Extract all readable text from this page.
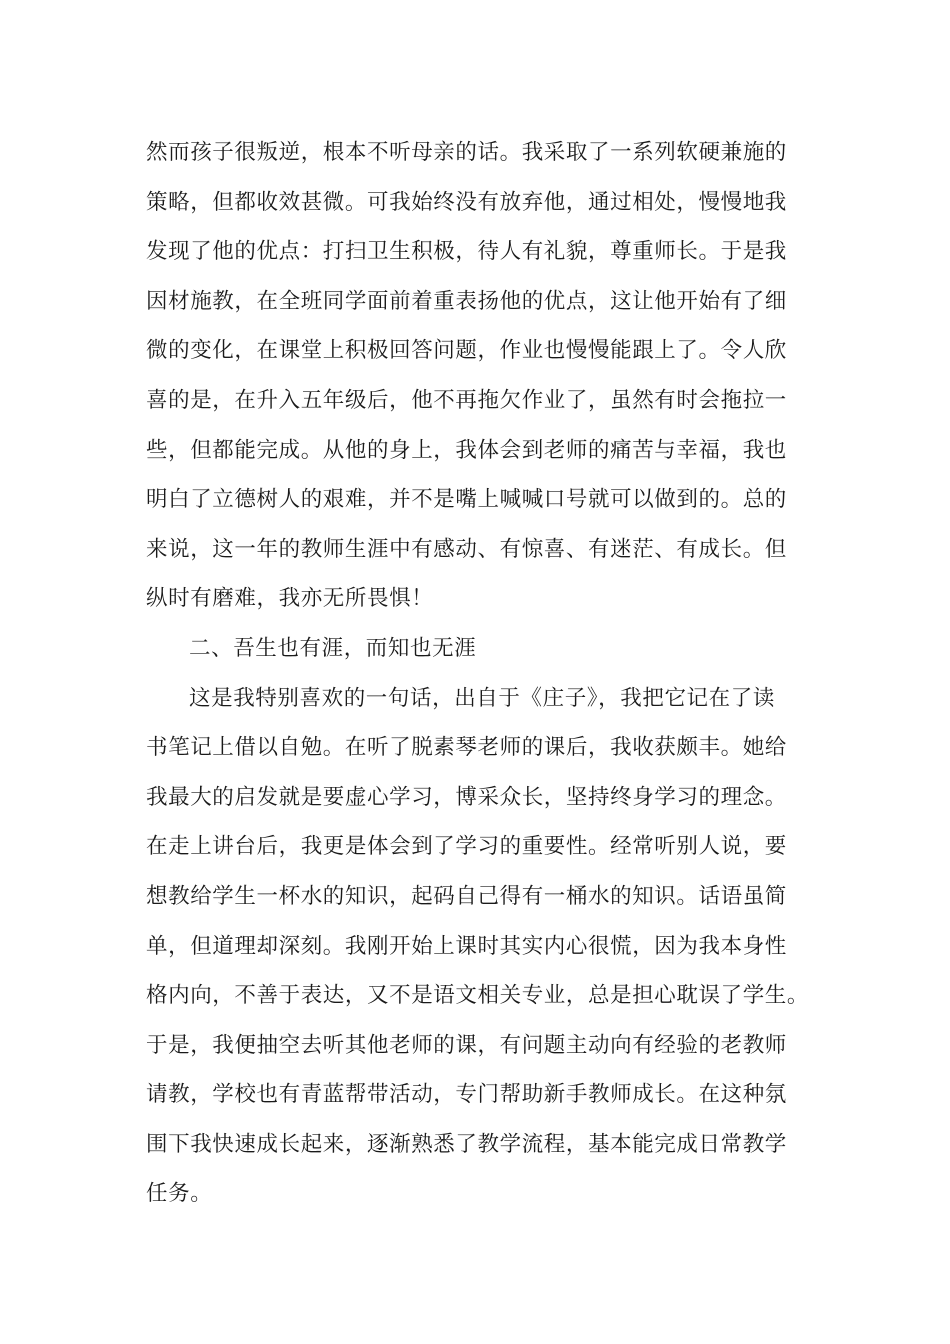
然而孩子很叛逆，根本不听母亲的话。我采取了一系列软硬兼施的
策略，但都收效甚微。可我始终没有放弃他，通过相处，慢慢地我
发现了他的优点：打扫卫生积极，待人有礼貌，尊重师长。于是我
因材施教，在全班同学面前着重表扬他的优点，这让他开始有了细
微的变化，在课堂上积极回答问题，作业也慢慢能跟上了。令人欣
喜的是，在升入五年级后，他不再拖欠作业了，虽然有时会拖拉一
些，但都能完成。从他的身上，我体会到老师的痛苦与幸福，我也
明白了立德树人的艰难，并不是嘴上喊喊口号就可以做到的。总的
来说，这一年的教师生涯中有感动、有惊喜、有迷茫、有成长。但
纵时有磨难，我亦无所畏惧！
二、吾生也有涯，而知也无涯
这是我特别喜欢的一句话，出自于《庄子》，我把它记在了读
书笔记上借以自勉。在听了脱素琴老师的课后，我收获颇丰。她给
我最大的启发就是要虚心学习，博采众长，坚持终身学习的理念。
在走上讲台后，我更是体会到了学习的重要性。经常听别人说，要
想教给学生一杯水的知识，起码自己得有一桶水的知识。话语虽简
单，但道理却深刻。我刚开始上课时其实内心很慌，因为我本身性
格内向，不善于表达，又不是语文相关专业，总是担心耽误了学生。
于是，我便抽空去听其他老师的课，有问题主动向有经验的老教师
请教，学校也有青蓝帮带活动，专门帮助新手教师成长。在这种氛
围下我快速成长起来，逐渐熟悉了教学流程，基本能完成日常教学
任务。
